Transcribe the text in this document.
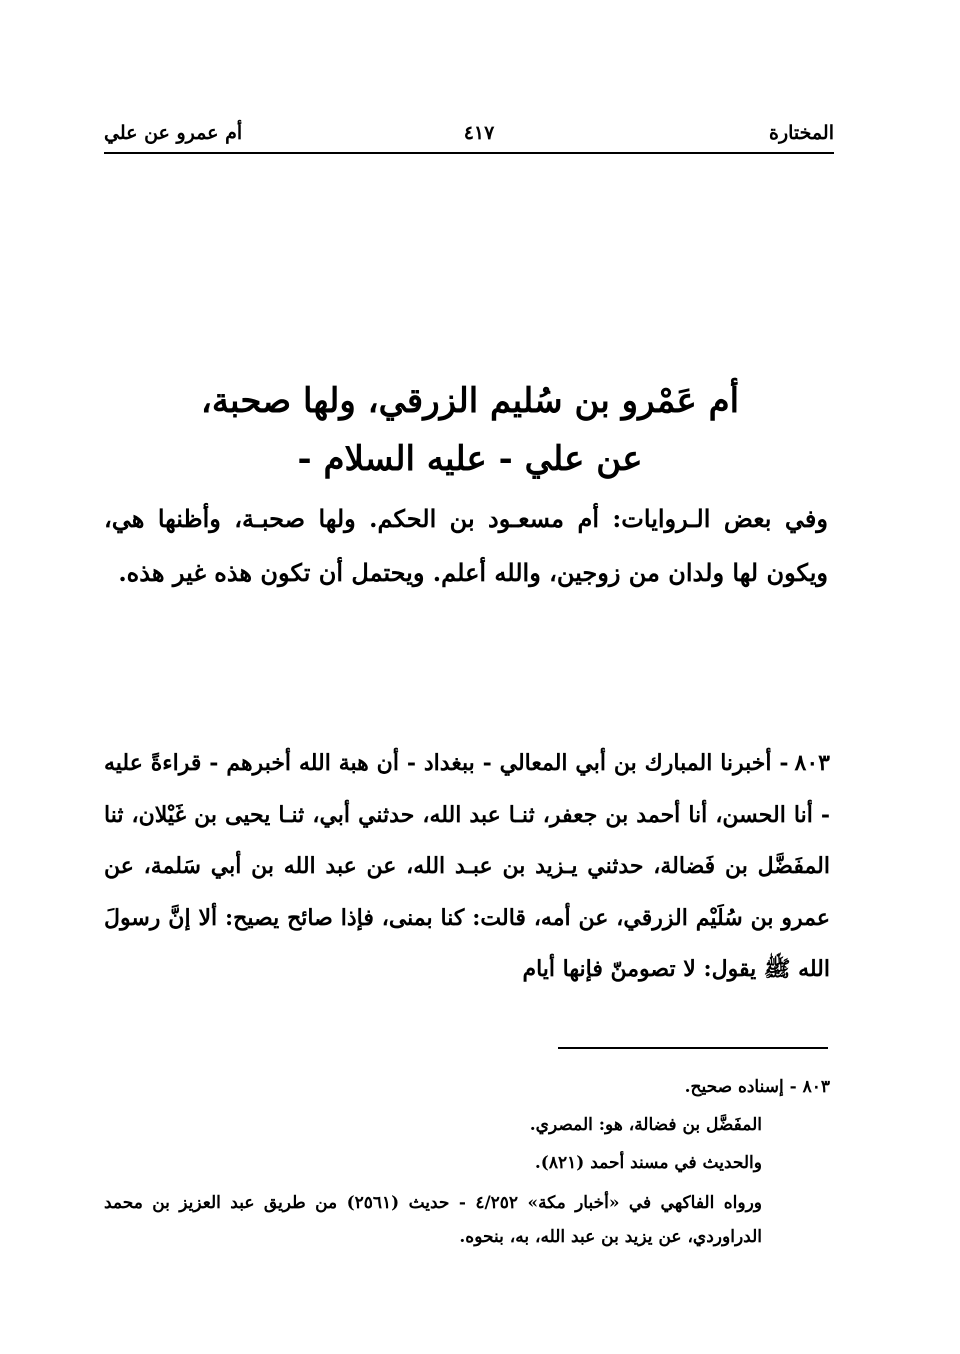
المختارة
٤١٧
أم عمرو عن علي
أم عَمْرو بن سُليم الزرقي، ولها صحبة،
عن علي - عليه السلام -
وفي بعض الـروايات: أم مسعـود بن الحكم. ولها صحبـة، وأظنها هي، ويكون لها ولدان من زوجين، والله أعلم. ويحتمل أن تكون هذه غير هذه.
٨٠٣- أخبرنا المبارك بن أبي المعالي - ببغداد - أن هبة الله أخبرهم - قراءةً عليه - أنا الحسن، أنا أحمد بن جعفر، ثنـا عبد الله، حدثني أبي، ثنـا يحيى بن غَيْلان، ثنا المفَضَّل بن فَضالة، حدثني يـزيد بن عبـد الله، عن عبد الله بن أبي سَلمة، عن عمرو بن سُلَيْم الزرقي، عن أمه، قالت: كنا بمنى، فإذا صائح يصيح: ألا إنَّ رسولَ الله ﷺ يقول: لا تصومنّ فإنها أيام

٨٠٣ - إسناده صحيح.

المفَضَّل بن فضالة، هو: المصري.

والحديث في مسند أحمد (٨٢١).

ورواه الفاكهي في «أخبار مكة» ٤/٢٥٢ - حديث (٢٥٦١) من طريق عبد العزيز بن محمد الدراوردي، عن يزيد بن عبد الله، به، بنحوه.
